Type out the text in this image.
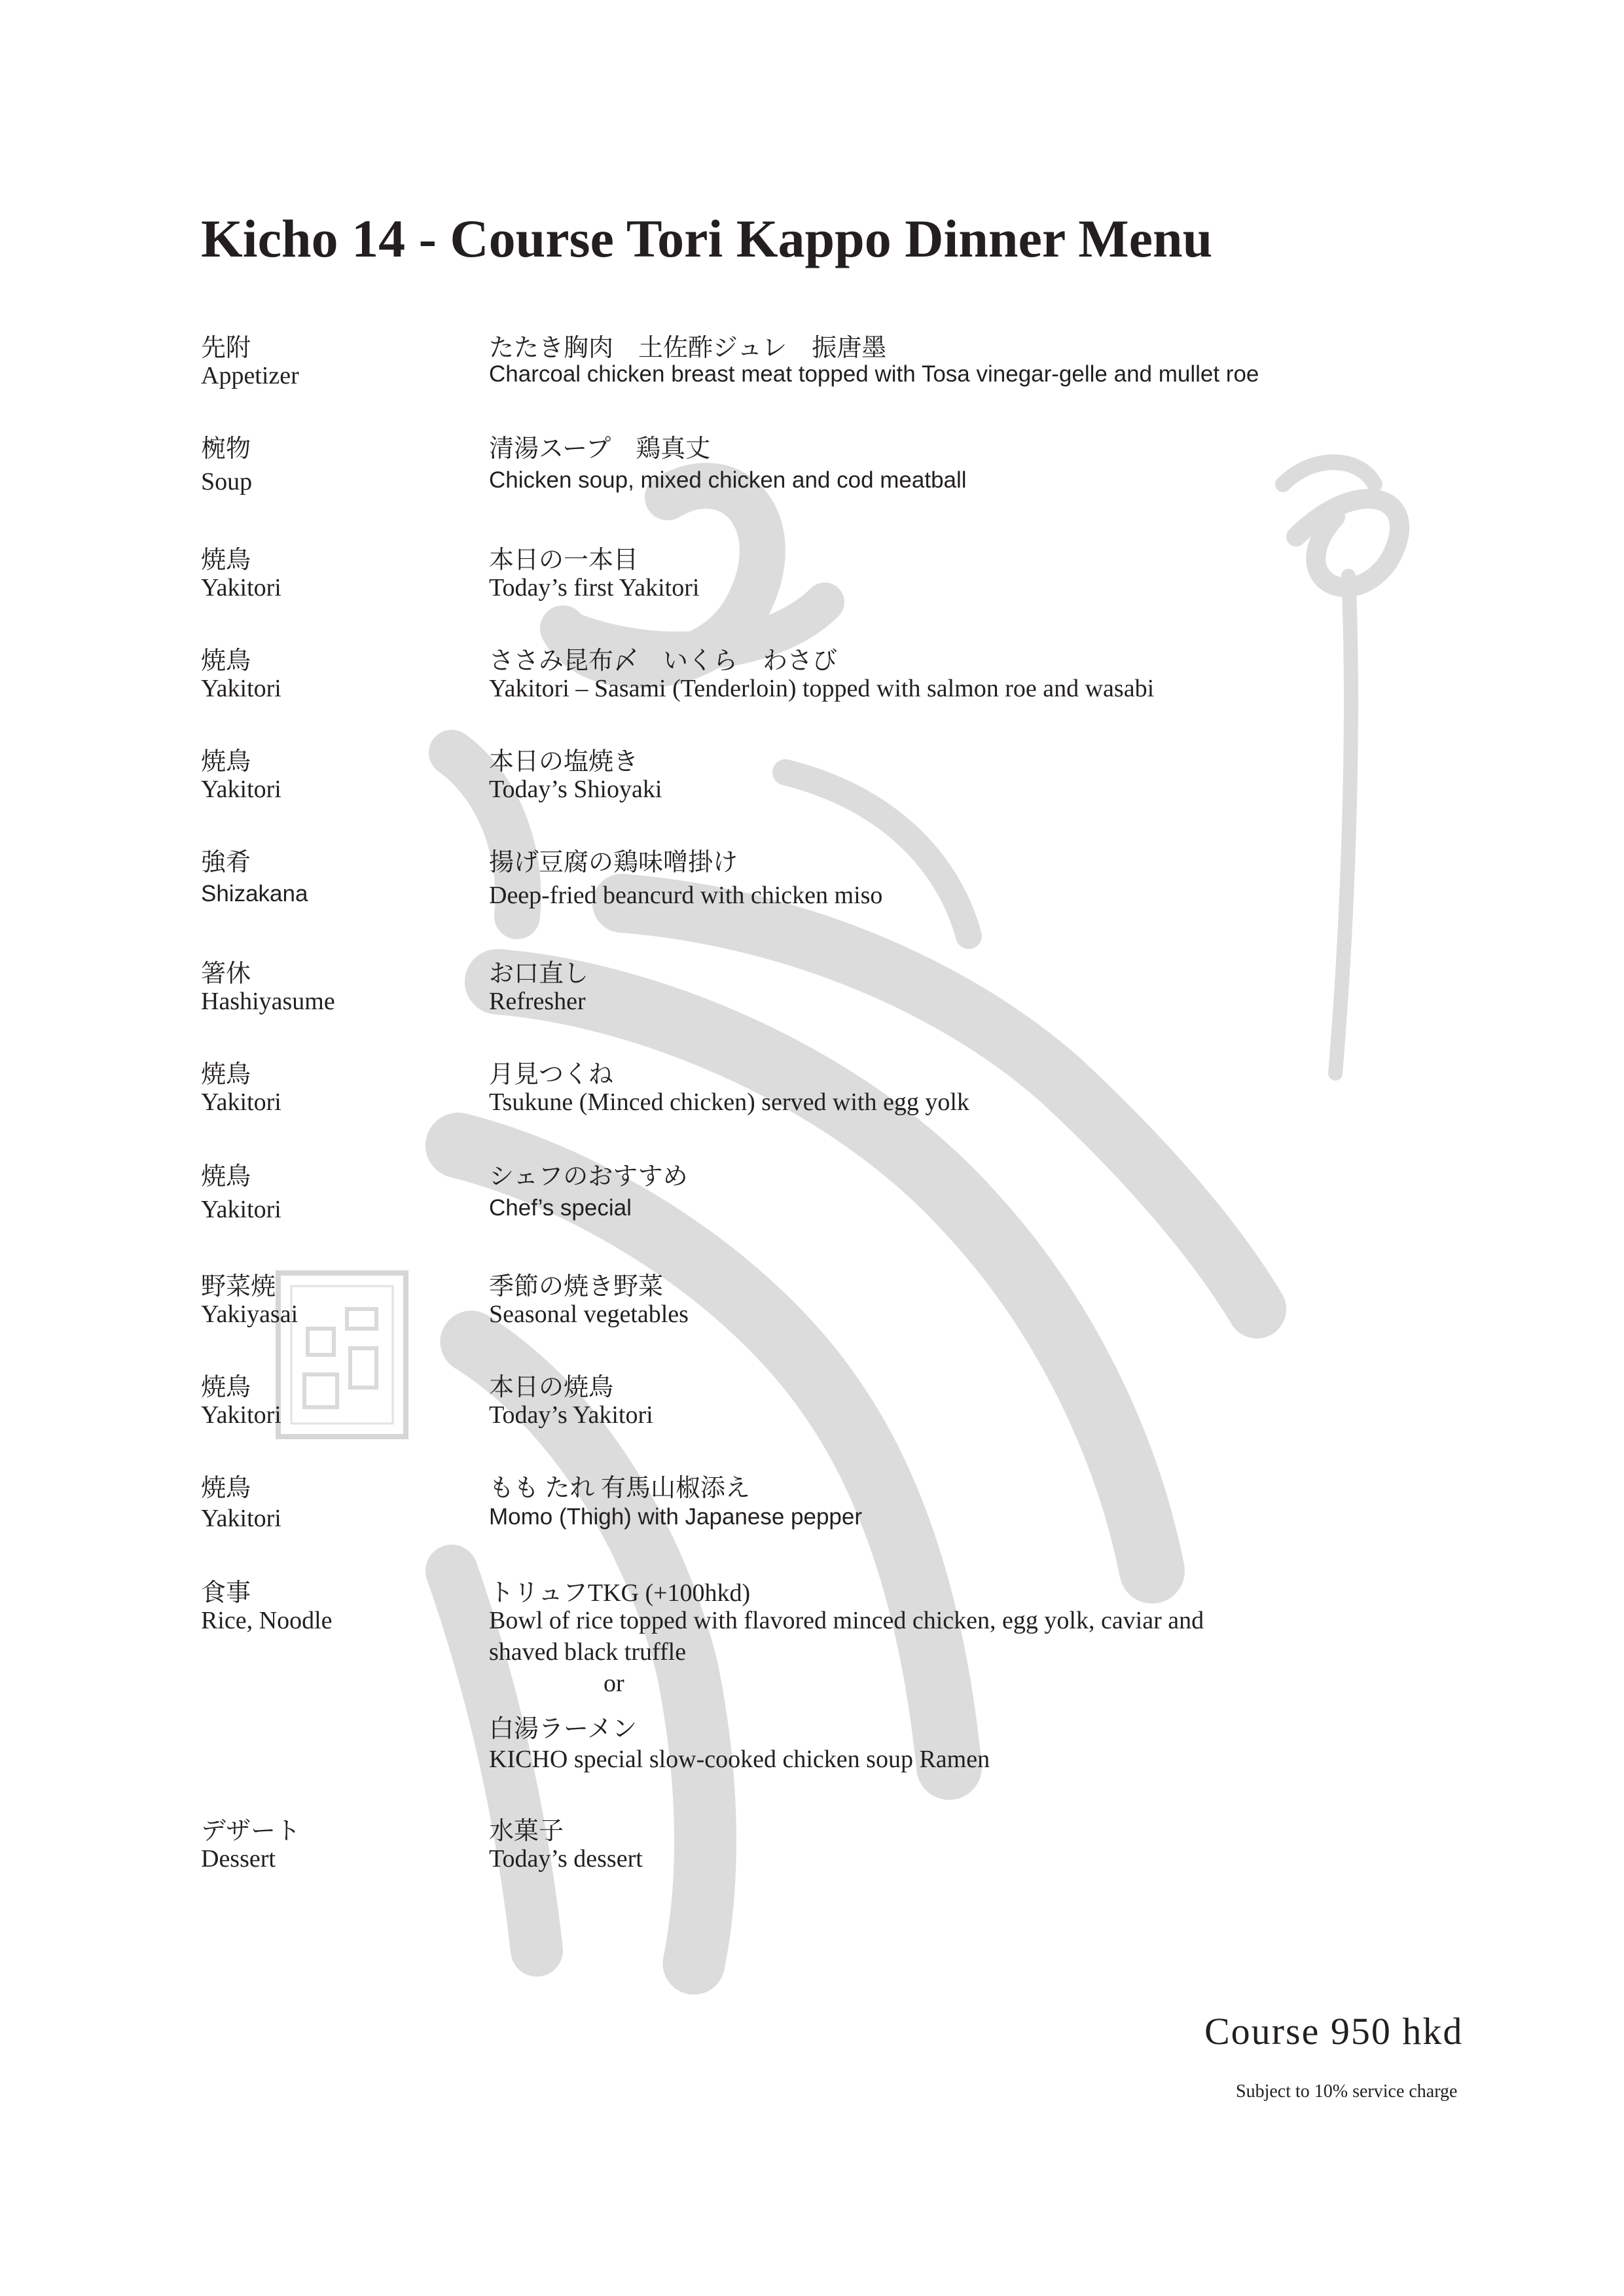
Kicho 14 - Course Tori Kappo Dinner Menu
先附	たたき胸肉　土佐酢ジュレ　振唐墨
Appetizer	Charcoal chicken breast meat topped with Tosa vinegar-gelle and mullet roe
椀物	清湯スープ　鶏真丈
Soup	Chicken soup, mixed chicken and cod meatball
焼鳥	本日の一本目
Yakitori	Today’s first Yakitori
焼鳥	ささみ昆布〆　いくら　わさび
Yakitori	Yakitori – Sasami (Tenderloin) topped with salmon roe and wasabi
焼鳥	本日の塩焼き
Yakitori	Today’s Shioyaki
強肴	揚げ豆腐の鶏味噌掛け
Shizakana	Deep-fried beancurd with chicken miso
箸休	お口直し
Hashiyasume	Refresher
焼鳥	月見つくね
Yakitori	Tsukune (Minced chicken) served with egg yolk
焼鳥	シェフのおすすめ
Yakitori	Chef’s special
野菜焼	季節の焼き野菜
Yakiyasai	Seasonal vegetables
焼鳥	本日の焼鳥
Yakitori	Today’s Yakitori
焼鳥	もも たれ 有馬山椒添え
Yakitori	Momo (Thigh) with Japanese pepper
食事	トリュフTKG (+100hkd)
Rice, Noodle	Bowl of rice topped with flavored minced chicken, egg yolk, caviar and
shaved black truffle
or
白湯ラーメン
KICHO special slow-cooked chicken soup Ramen
デザート	水菓子
Dessert	Today’s dessert
Course 950 hkd
Subject to 10% service charge
